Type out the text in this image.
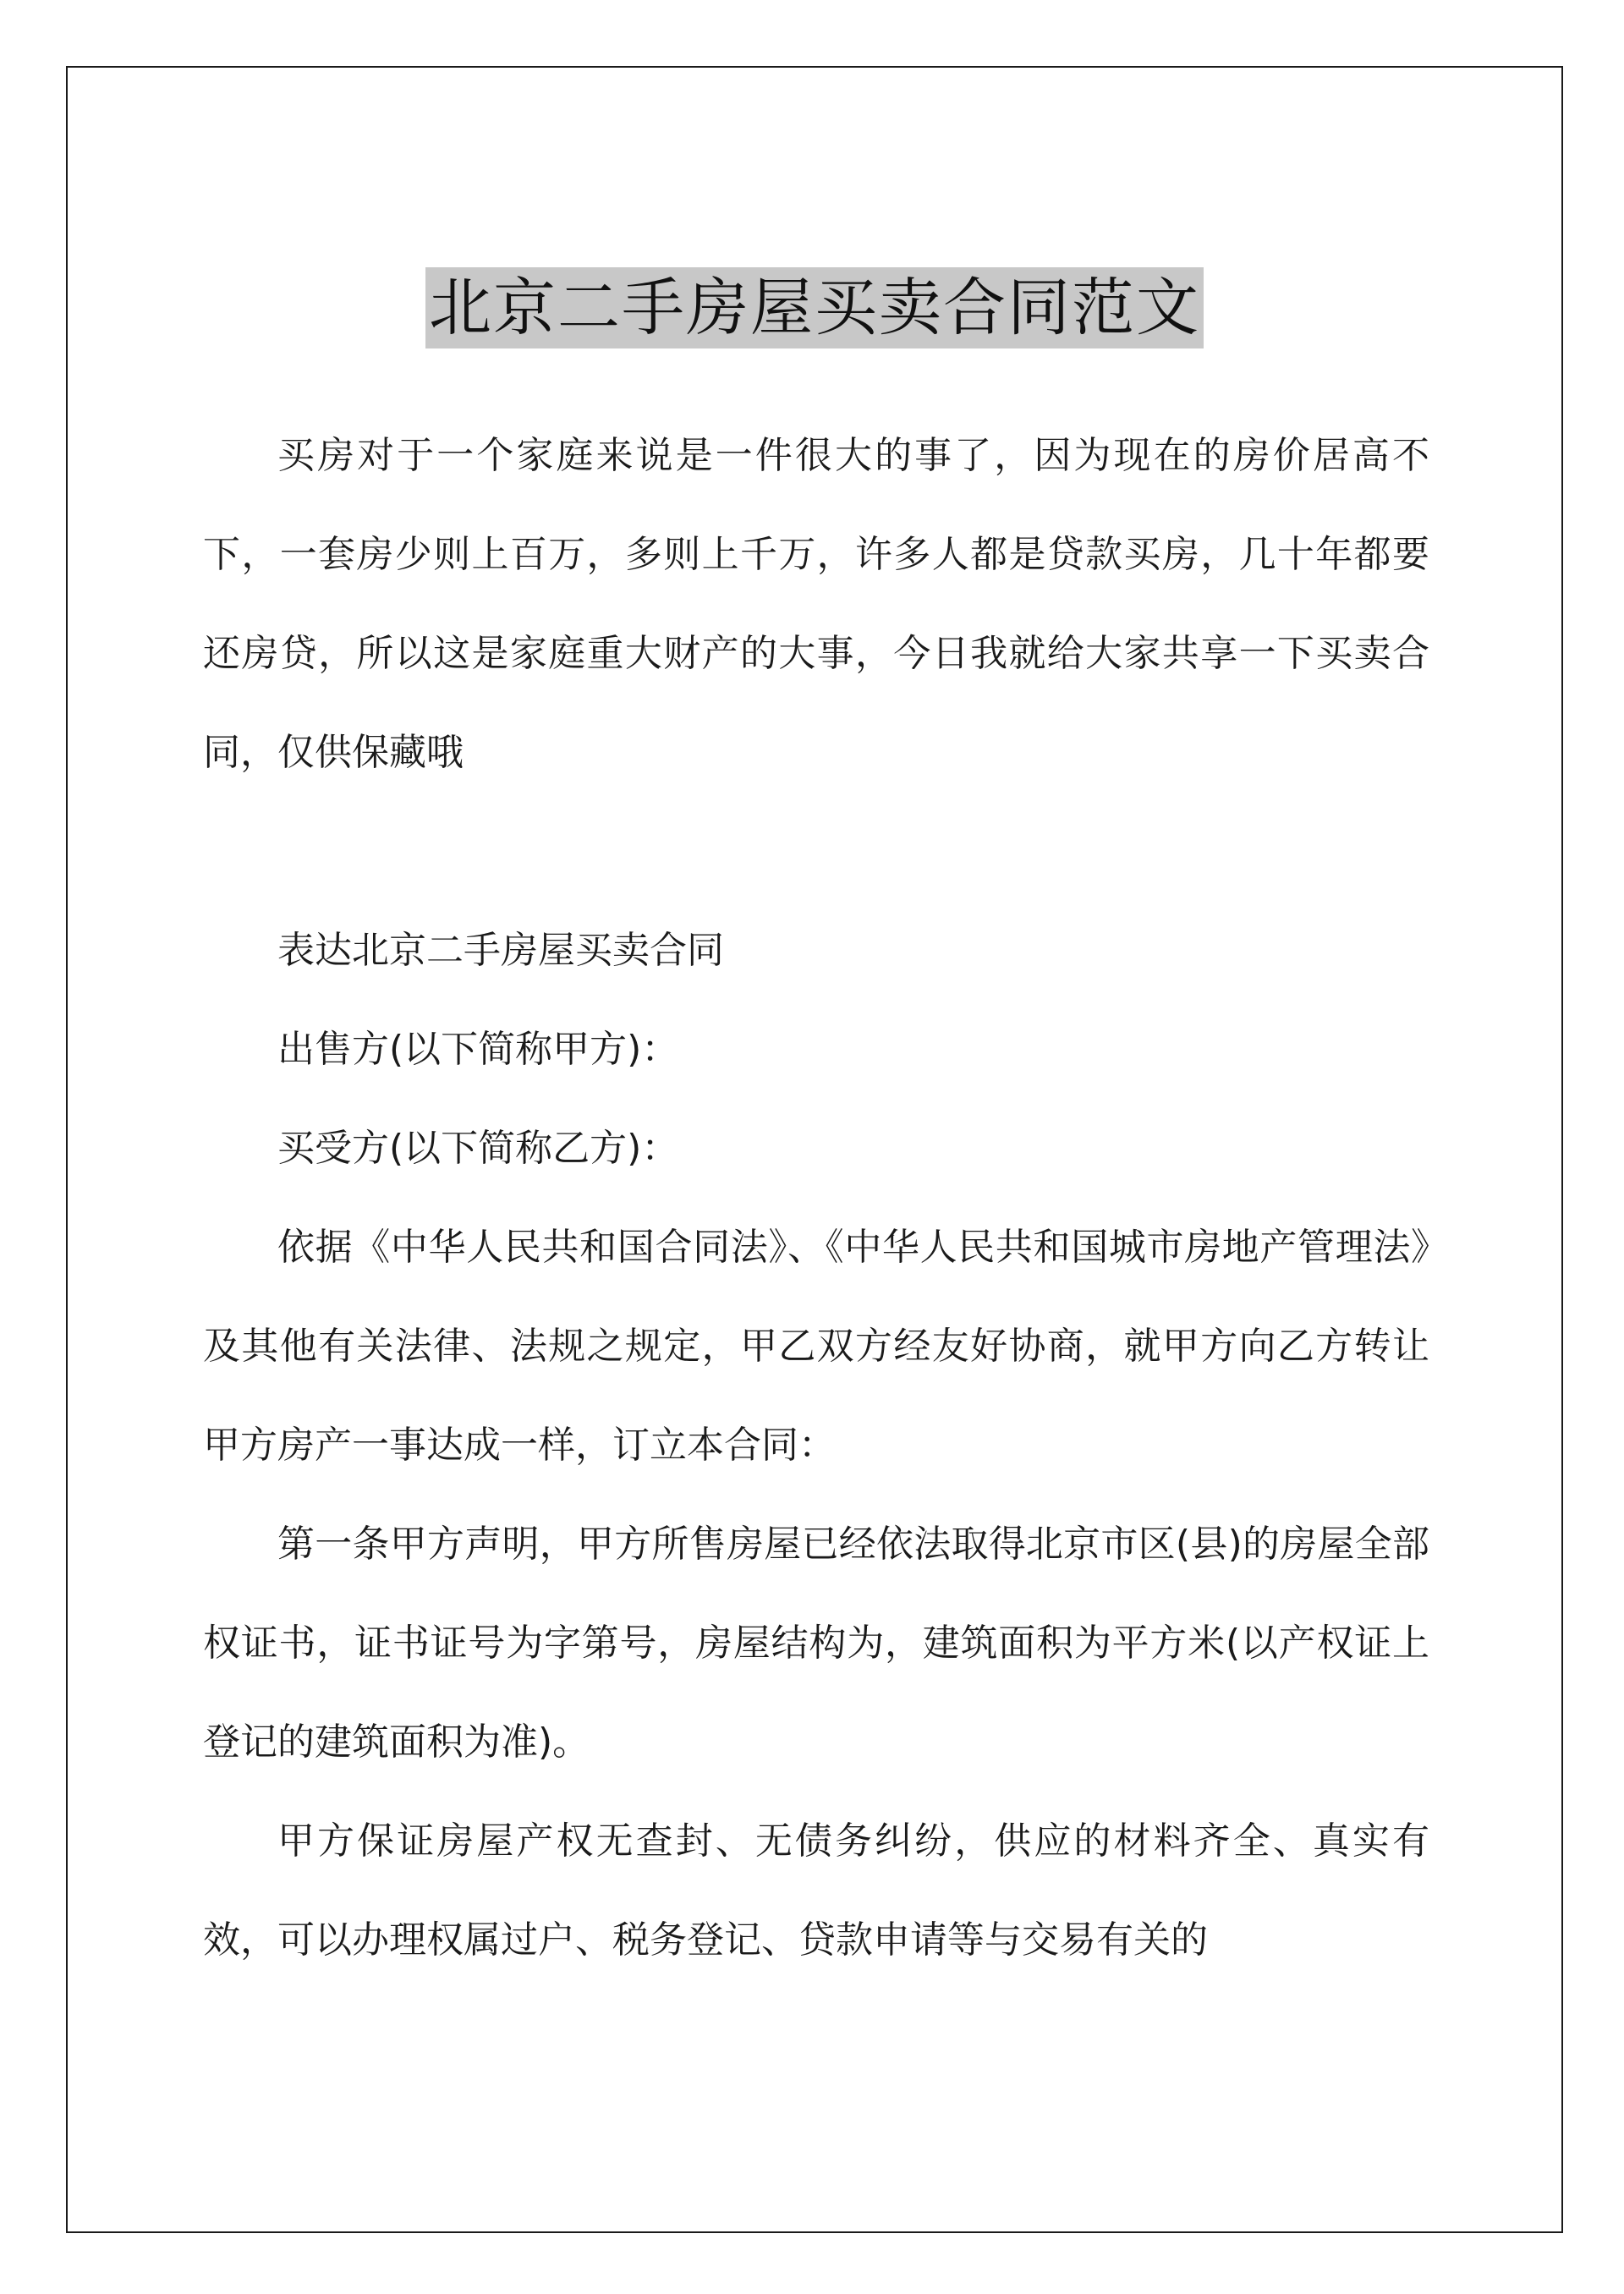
北京二手房屋买卖合同范文

买房对于一个家庭来说是一件很大的事了，因为现在的房价居高不下，一套房少则上百万，多则上千万，许多人都是贷款买房，几十年都要还房贷，所以这是家庭重大财产的大事，今日我就给大家共享一下买卖合同，仅供保藏哦

表达北京二手房屋买卖合同

出售方(以下简称甲方)：

买受方(以下简称乙方)：

依据《中华人民共和国合同法》、《中华人民共和国城市房地产管理法》及其他有关法律、法规之规定，甲乙双方经友好协商，就甲方向乙方转让甲方房产一事达成一样，订立本合同：

第一条甲方声明，甲方所售房屋已经依法取得北京市区(县)的房屋全部权证书，证书证号为字第号，房屋结构为，建筑面积为平方米(以产权证上登记的建筑面积为准)。

甲方保证房屋产权无查封、无债务纠纷，供应的材料齐全、真实有效，可以办理权属过户、税务登记、贷款申请等与交易有关的
